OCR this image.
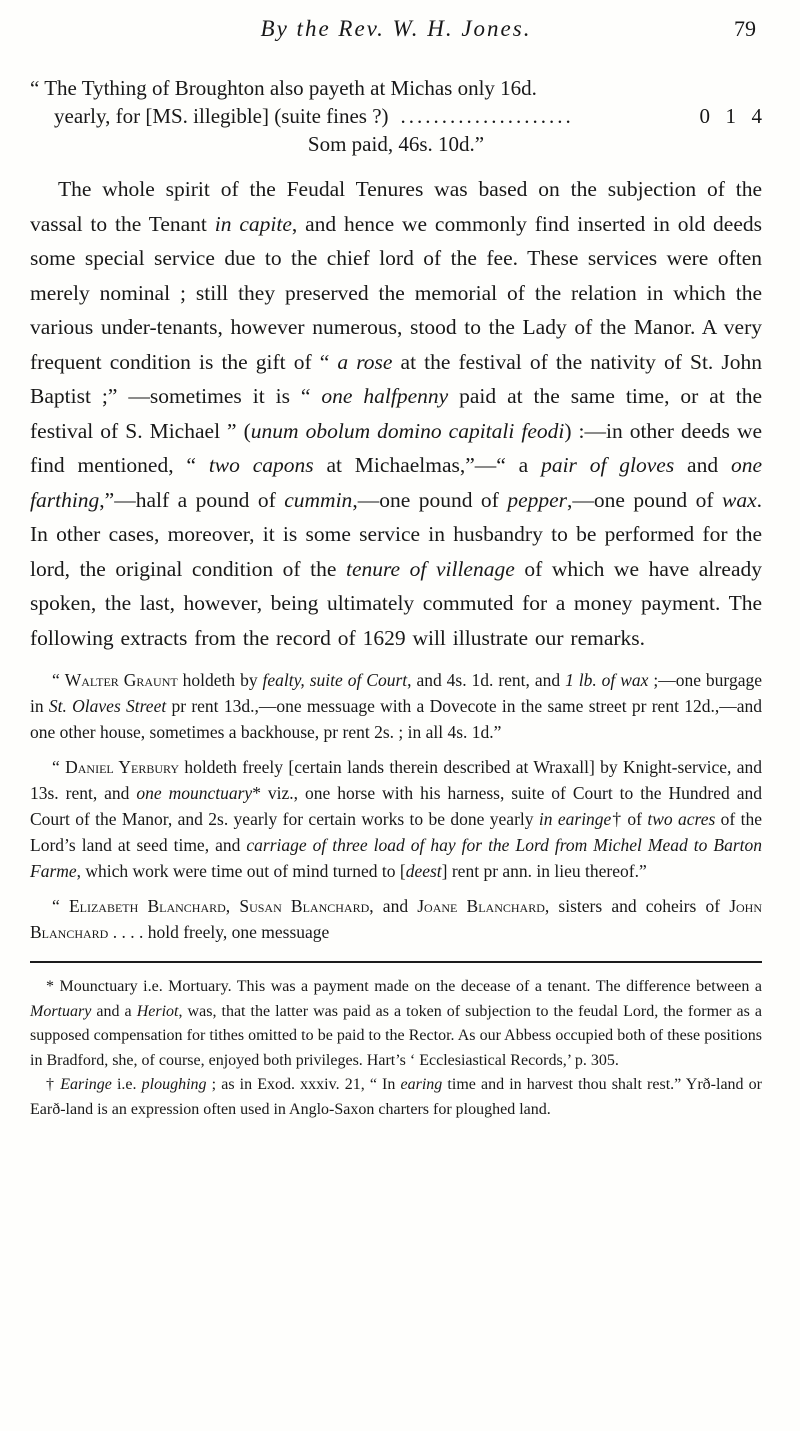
By the Rev. W. H. Jones.	79
“ The Tything of Broughton also payeth at Michas only 16d.
yearly, for [MS. illegible] (suite fines ?) .....................	0 1 4
Som paid, 46s. 10d.”

The whole spirit of the Feudal Tenures was based on the subjection of the vassal to the Tenant in capite, and hence we commonly find inserted in old deeds some special service due to the chief lord of the fee. These services were often merely nominal ; still they preserved the memorial of the relation in which the various under-tenants, however numerous, stood to the Lady of the Manor. A very frequent condition is the gift of “ a rose at the festival of the nativity of St. John Baptist ;” —sometimes it is “ one halfpenny paid at the same time, or at the festival of S. Michael ” (unum obolum domino capitali feodi) :—in other deeds we find mentioned, “ two capons at Michaelmas,”—“ a pair of gloves and one farthing,”—half a pound of cummin,—one pound of pepper,—one pound of wax. In other cases, moreover, it is some service in husbandry to be performed for the lord, the original condition of the tenure of villenage of which we have already spoken, the last, however, being ultimately commuted for a money payment. The following extracts from the record of 1629 will illustrate our remarks.

“ Walter Graunt holdeth by fealty, suite of Court, and 4s. 1d. rent, and 1 lb. of wax ;—one burgage in St. Olaves Street pr rent 13d.,—one messuage with a Dovecote in the same street pr rent 12d.,—and one other house, sometimes a backhouse, pr rent 2s. ; in all 4s. 1d.”

“ Daniel Yerbury holdeth freely [certain lands therein described at Wraxall] by Knight-service, and 13s. rent, and one mounctuary* viz., one horse with his harness, suite of Court to the Hundred and Court of the Manor, and 2s. yearly for certain works to be done yearly in earinge† of two acres of the Lord’s land at seed time, and carriage of three load of hay for the Lord from Michel Mead to Barton Farme, which work were time out of mind turned to [deest] rent pr ann. in lieu thereof.”

“ Elizabeth Blanchard, Susan Blanchard, and Joane Blanchard, sisters and coheirs of John Blanchard . . . . hold freely, one messuage

* Mounctuary i.e. Mortuary. This was a payment made on the decease of a tenant. The difference between a Mortuary and a Heriot, was, that the latter was paid as a token of subjection to the feudal Lord, the former as a supposed compensation for tithes omitted to be paid to the Rector. As our Abbess occupied both of these positions in Bradford, she, of course, enjoyed both privileges. Hart’s ‘ Ecclesiastical Records,’ p. 305.

† Earinge i.e. ploughing ; as in Exod. xxxiv. 21, “ In earing time and in harvest thou shalt rest.” Yrð-land or Earð-land is an expression often used in Anglo-Saxon charters for ploughed land.
